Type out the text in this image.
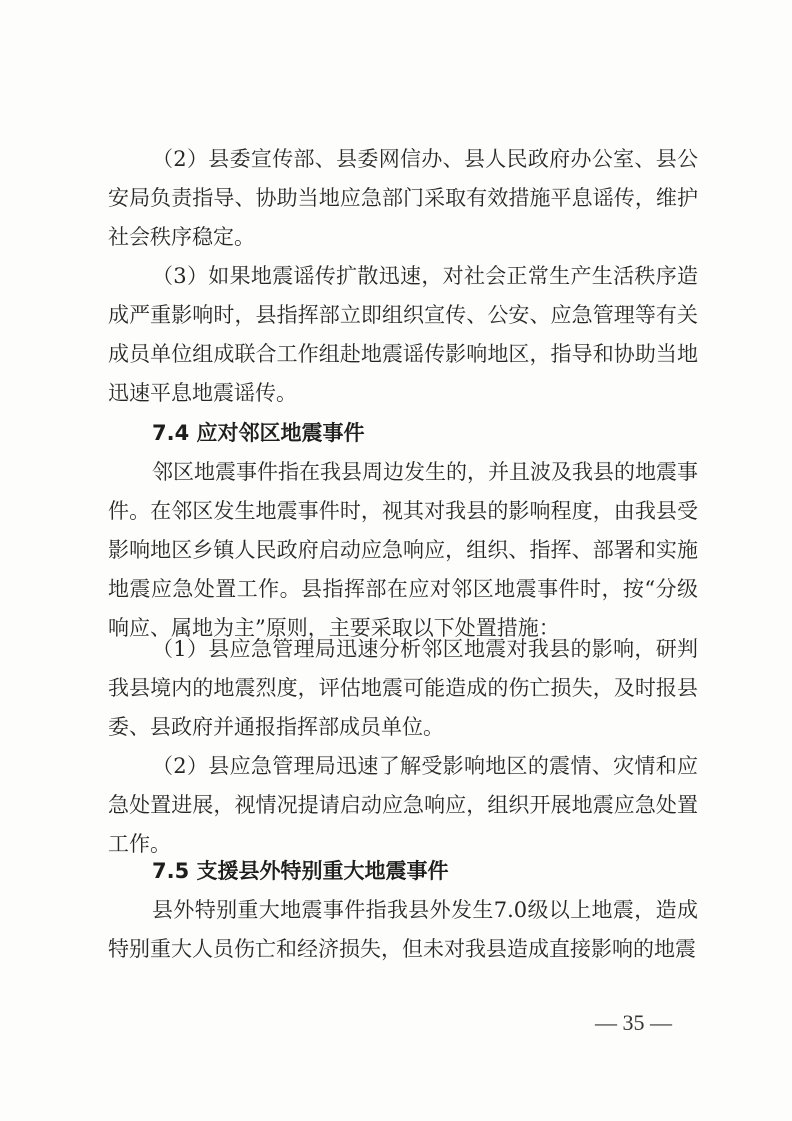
（2）县委宣传部、县委网信办、县人民政府办公室、县公安局负责指导、协助当地应急部门采取有效措施平息谣传，维护社会秩序稳定。

（3）如果地震谣传扩散迅速，对社会正常生产生活秩序造成严重影响时，县指挥部立即组织宣传、公安、应急管理等有关成员单位组成联合工作组赴地震谣传影响地区，指导和协助当地迅速平息地震谣传。

7.4 应对邻区地震事件

邻区地震事件指在我县周边发生的，并且波及我县的地震事件。在邻区发生地震事件时，视其对我县的影响程度，由我县受影响地区乡镇人民政府启动应急响应，组织、指挥、部署和实施地震应急处置工作。县指挥部在应对邻区地震事件时，按“分级响应、属地为主”原则，主要采取以下处置措施：

（1）县应急管理局迅速分析邻区地震对我县的影响，研判我县境内的地震烈度，评估地震可能造成的伤亡损失，及时报县委、县政府并通报指挥部成员单位。

（2）县应急管理局迅速了解受影响地区的震情、灾情和应急处置进展，视情况提请启动应急响应，组织开展地震应急处置工作。

7.5 支援县外特别重大地震事件

县外特别重大地震事件指我县外发生7.0级以上地震，造成特别重大人员伤亡和经济损失，但未对我县造成直接影响的地震

— 35 —
